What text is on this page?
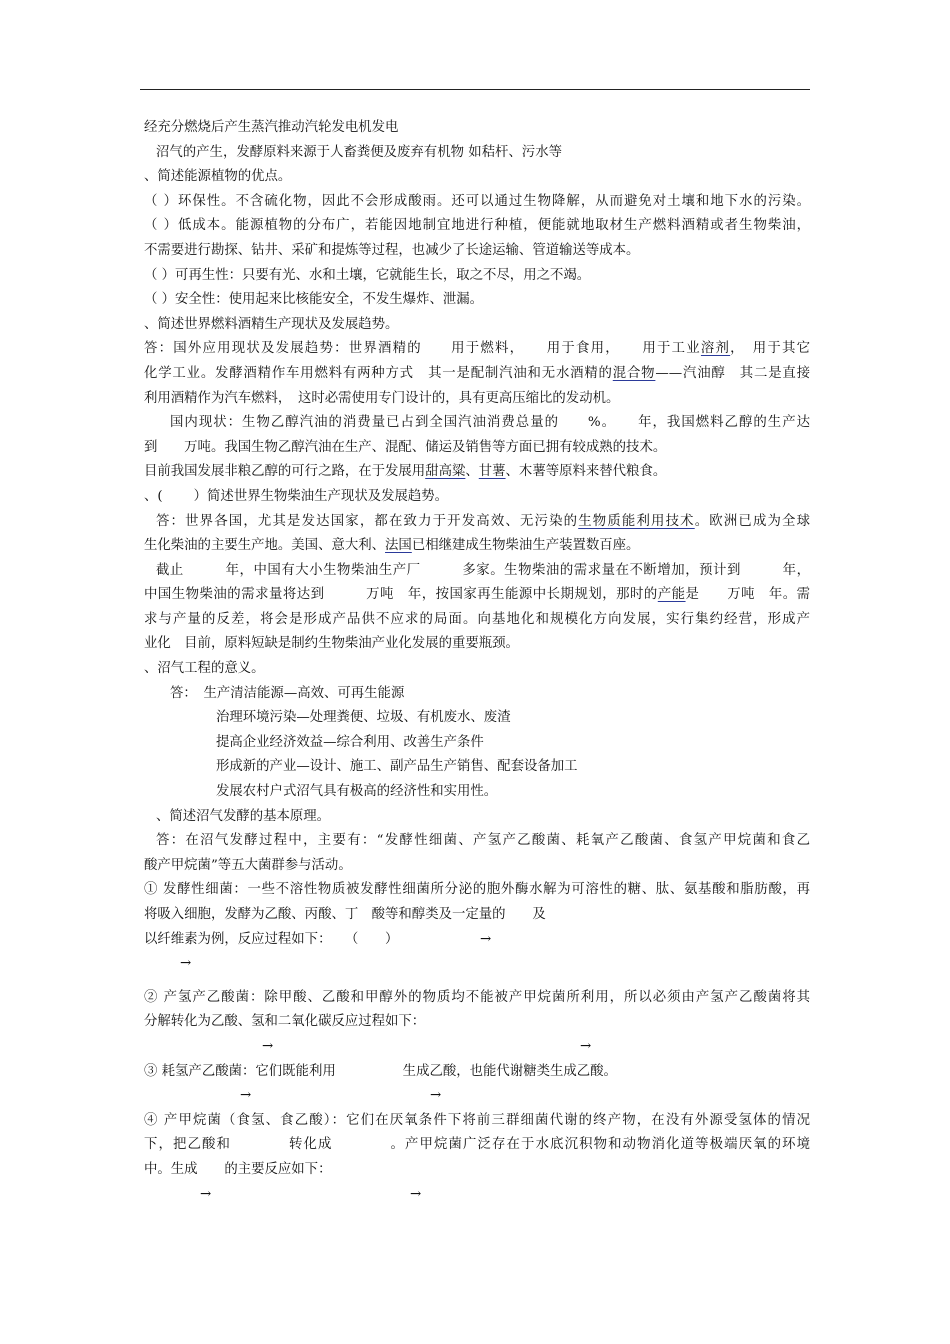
经充分燃烧后产生蒸汽推动汽轮发电机发电
沼气的产生，发酵原料来源于人畜粪便及废弃有机物 如秸杆、污水等
、简述能源植物的优点。
（ ）环保性。不含硫化物，因此不会形成酸雨。还可以通过生物降解，从而避免对土壤和地下水的污染。
（ ）低成本。能源植物的分布广，若能因地制宜地进行种植，便能就地取材生产燃料酒精或者生物柴油，
不需要进行勘探、钻井、采矿和提炼等过程，也减少了长途运输、管道输送等成本。
（ ）可再生性：只要有光、水和土壤，它就能生长，取之不尽，用之不竭。
（ ）安全性：使用起来比核能安全，不发生爆炸、泄漏。
、简述世界燃料酒精生产现状及发展趋势。
答：国外应用现状及发展趋势：世界酒精的　　用于燃料，　　用于食用，　　用于工业溶剂，　用于其它
化学工业。发酵酒精作车用燃料有两种方式　其一是配制汽油和无水酒精的混合物——汽油醇　其二是直接
利用酒精作为汽车燃料，　这时必需使用专门设计的，具有更高压缩比的发动机。
国内现状：生物乙醇汽油的消费量已占到全国汽油消费总量的　　%。　　年，我国燃料乙醇的生产达
到　　万吨。我国生物乙醇汽油在生产、混配、储运及销售等方面已拥有较成熟的技术。
目前我国发展非粮乙醇的可行之路，在于发展用甜高粱、甘薯、木薯等原料来替代粮食。
、(　　 ）简述世界生物柴油生产现状及发展趋势。
答：世界各国，尤其是发达国家，都在致力于开发高效、无污染的生物质能利用技术。欧洲已成为全球
生化柴油的主要生产地。美国、意大利、法国已相继建成生物柴油生产装置数百座。
截止　　　年，中国有大小生物柴油生产厂　　　多家。生物柴油的需求量在不断增加，预计到　　　年，
中国生物柴油的需求量将达到　　　万吨　年，按国家再生能源中长期规划，那时的产能是　　万吨　年。需
求与产量的反差，将会是形成产品供不应求的局面。向基地化和规模化方向发展，实行集约经营，形成产
业化　目前，原料短缺是制约生物柴油产业化发展的重要瓶颈。
、沼气工程的意义。
答：　生产清洁能源—高效、可再生能源
治理环境污染—处理粪便、垃圾、有机废水、废渣
提高企业经济效益—综合利用、改善生产条件
形成新的产业—设计、施工、副产品生产销售、配套设备加工
发展农村户式沼气具有极高的经济性和实用性。
、简述沼气发酵的基本原理。
答：在沼气发酵过程中，主要有：“发酵性细菌、产氢产乙酸菌、耗氧产乙酸菌、食氢产甲烷菌和食乙
酸产甲烷菌”等五大菌群参与活动。
① 发酵性细菌：一些不溶性物质被发酵性细菌所分泌的胞外酶水解为可溶性的糖、肽、氨基酸和脂肪酸，再
将吸入细胞，发酵为乙酸、丙酸、丁　酸等和醇类及一定量的　　及
以纤维素为例，反应过程如下：　　（　　）	→
→
② 产氢产乙酸菌：除甲酸、乙酸和甲醇外的物质均不能被产甲烷菌所利用，所以必须由产氢产乙酸菌将其
分解转化为乙酸、氢和二氧化碳反应过程如下：
→	→
③ 耗氢产乙酸菌：它们既能利用　　　　　生成乙酸，也能代谢糖类生成乙酸。
→	→
④ 产甲烷菌（食氢、食乙酸）：它们在厌氧条件下将前三群细菌代谢的终产物，在没有外源受氢体的情况
下，把乙酸和　　　　转化成　　　　。产甲烷菌广泛存在于水底沉积物和动物消化道等极端厌氧的环境
中。生成　　的主要反应如下：
→	→
